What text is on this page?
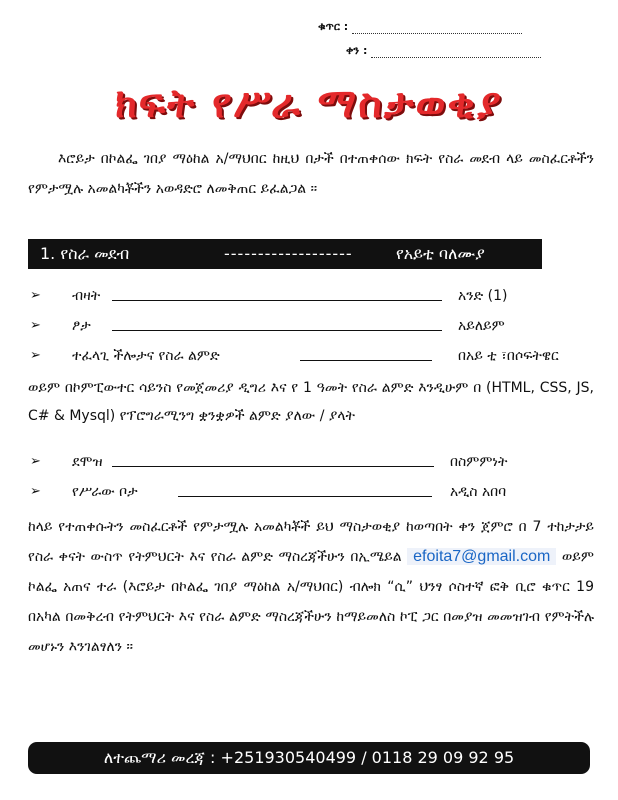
ቁጥር :
ቀን :
ክፍት የሥራ ማስታወቂያ
እሮይታ በኮልፌ ገበያ ማዕከል አ/ማህበር ከዚህ በታች በተጠቀሰው ክፍት የስራ መደብ ላይ መስፈርቶችን የምታሟሉ አመልካቾችን አወዳድሮ ለመቅጠር ይፈልጋል ።
1. የስራ መደብ	-------------------	የአይቲ ባለሙያ
➢ ብዛት	አንድ (1)
➢ ፆታ	አይለይም
➢ ተፈላጊ ችሎታና የስራ ልምድ	በአይ ቲ ፣በሶፍትዌር
ወይም በኮምፒውተር ሳይንስ የመጀመሪያ ዲግሪ እና የ 1 ዓመት የስራ ልምድ እንዲሁም በ (HTML, CSS, JS, C# & Mysql) የፕሮግራሚንግ ቋንቋዎች ልምድ ያለው / ያላት
➢ ደሞዝ	በስምምነት
➢ የሥራው ቦታ	አዲስ አበባ
ከላይ የተጠቀሱትን መስፈርቶች የምታሟሉ አመልካቾች ይህ ማስታወቂያ ከወጣበት ቀን ጀምሮ በ 7 ተከታታይ የስራ ቀናት ውስጥ የትምህርት እና የስራ ልምድ ማስረጃችሁን በኢሜይል efoita7@gmail.com ወይም ኮልፌ አጠና ተራ (እሮይታ በኮልፌ ገበያ ማዕከል አ/ማህበር) ብሎክ “ሲ” ህንፃ ሶስተኛ ፎቅ ቢሮ ቁጥር 19 በአካል በመቅረብ የትምህርት እና የስራ ልምድ ማስረጃችሁን ከማይመለስ ኮፒ ጋር በመያዝ መመዝገብ የምትችሉ መሆኑን እንገልፃለን ።
ለተጨማሪ መረጃ : +251930540499 / 0118 29 09 92 95
